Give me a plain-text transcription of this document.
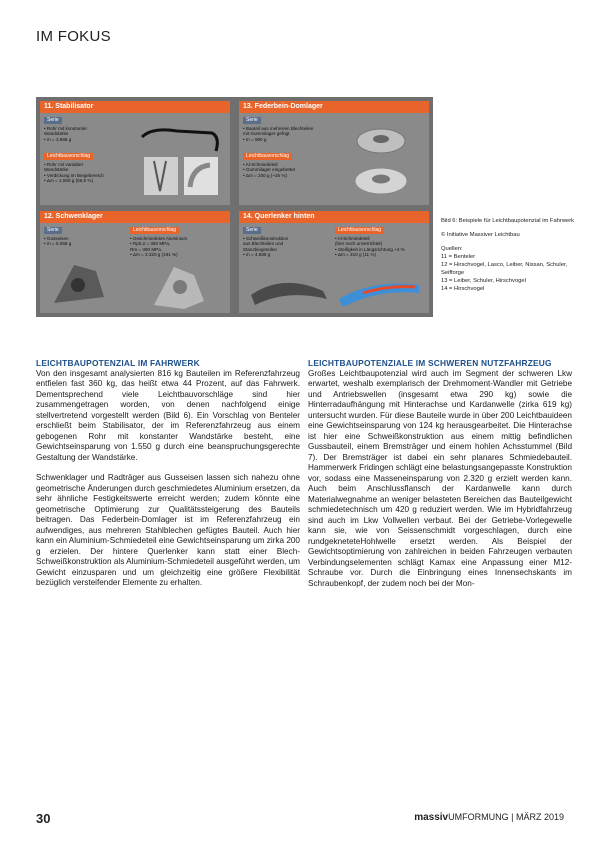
IM FOKUS
11. Stabilisator
Serie
• Rohr mit konstanter
Wandstärke
• m = 3.888 g
Leichtbauvorschlag
• Rohr mit variabler
Wandstärke
• Verdickung im Biegebereich
• Δm = 1.550 g (56,5 %)
13. Federbein-Domlager
Serie
• Bauteil aus mehreren Blechteilen
mit Gummilager gefügt
• m = 960 g
Leichtbauvorschlag
• Al-Schmiedeteil
• Gummilager eingebettet
• Δm = 200 g (~25 %)
12. Schwenklager
Serie
• Gusseisen
• m = 5.068 g
Leichtbauvorschlag
• Geschmiedetes Aluminium
• Rp0,2 = 350 MPa,
Rm = 390 MPa
• Δm = 3.320 g (191 %)
14. Querlenker hinten
Serie
• Schweißkonstruktion
aus Blechteilen und
Stanzbiegeteilen
• m = 4.889 g
Leichtbauvorschlag
• Al-Schmiedeteil
(hier noch unverrichtet)
• Steifigkeit in Längsrichtung +4 %
• Δm = 310 g (11 %)

Bild 6: Beispiele für Leichtbaupotenzial im Fahrwerk

© Initiative Massiver Leichtbau

Quellen:
11 = Benteler
12 = Hirschvogel, Lasco, Leiber, Nissan, Schuler, Seifforge
13 = Leiber, Schuler, Hirschvogel
14 = Hirschvogel

LEICHTBAUPOTENZIAL IM FAHRWERK

Von den insgesamt analysierten 816 kg Bauteilen im Referenzfahrzeug entfielen fast 360 kg, das heißt etwa 44 Prozent, auf das Fahrwerk. Dementsprechend viele Leichtbauvorschläge sind hier zusammengetragen worden, von denen nachfolgend einige stellvertretend vorgestellt werden (Bild 6). Ein Vorschlag von Benteler erschließt beim Stabilisator, der im Referenzfahrzeug aus einem gebogenen Rohr mit konstanter Wandstärke besteht, eine Gewichtseinsparung von 1.550 g durch eine beanspruchungsgerechte Gestaltung der Wandstärke.

Schwenklager und Radträger aus Gusseisen lassen sich nahezu ohne geometrische Änderungen durch geschmiedetes Aluminium ersetzen, da sehr ähnliche Festigkeitswerte erreicht werden; zudem könnte eine geometrische Optimierung zur Qualitätssteigerung des Bauteils beitragen. Das Federbein-Domlager ist im Referenzfahrzeug ein aufwendiges, aus mehreren Stahlblechen gefügtes Bauteil. Auch hier kann ein Aluminium-Schmiedeteil eine Gewichtseinsparung um zirka 200 g erzielen. Der hintere Querlenker kann statt einer Blech-Schweißkonstruktion als Aluminium-Schmiedeteil ausgeführt werden, um Gewicht einzusparen und um gleichzeitig eine größere Flexibilität bezüglich versteifender Elemente zu erhalten.

LEICHTBAUPOTENZIALE IM SCHWEREN NUTZFAHRZEUG

Großes Leichtbaupotenzial wird auch im Segment der schweren Lkw erwartet, weshalb exemplarisch der Drehmoment-Wandler mit Getriebe und Antriebswellen (insgesamt etwa 290 kg) sowie die Hinterradaufhängung mit Hinterachse und Kardanwelle (zirka 619 kg) untersucht wurden. Für diese Bauteile wurde in über 200 Leichtbauideen eine Gewichtseinsparung von 124 kg herausgearbeitet. Die Hinterachse ist hier eine Schweißkonstruktion aus einem mittig befindlichen Gussbauteil, einem Bremsträger und einem hohlen Achsstummel (Bild 7). Der Bremsträger ist dabei ein sehr planares Schmiedebauteil. Hammerwerk Fridingen schlägt eine belastungsangepasste Konstruktion vor, sodass eine Masseneinsparung von 2.320 g erzielt werden kann. Auch beim Anschlussflansch der Kardanwelle kann durch Materialwegnahme an weniger belasteten Bereichen das Bauteilgewicht schmiedetechnisch um 420 g reduziert werden. Wie im Hybridfahrzeug sind auch im Lkw Vollwellen verbaut. Bei der Getriebe-Vorlegewelle kann sie, wie von Seissenschmidt vorgeschlagen, durch eine rundgekneteteHohlwelle ersetzt werden. Als Beispiel der Gewichtsoptimierung von zahlreichen in beiden Fahrzeugen verbauten Verbindungselementen schlägt Kamax eine Anpassung einer M12-Schraube vor. Durch die Einbringung eines Innensechskants im Schraubenkopf, der zudem noch bei der Mon-

30	massivUMFORMUNG | MÄRZ 2019
